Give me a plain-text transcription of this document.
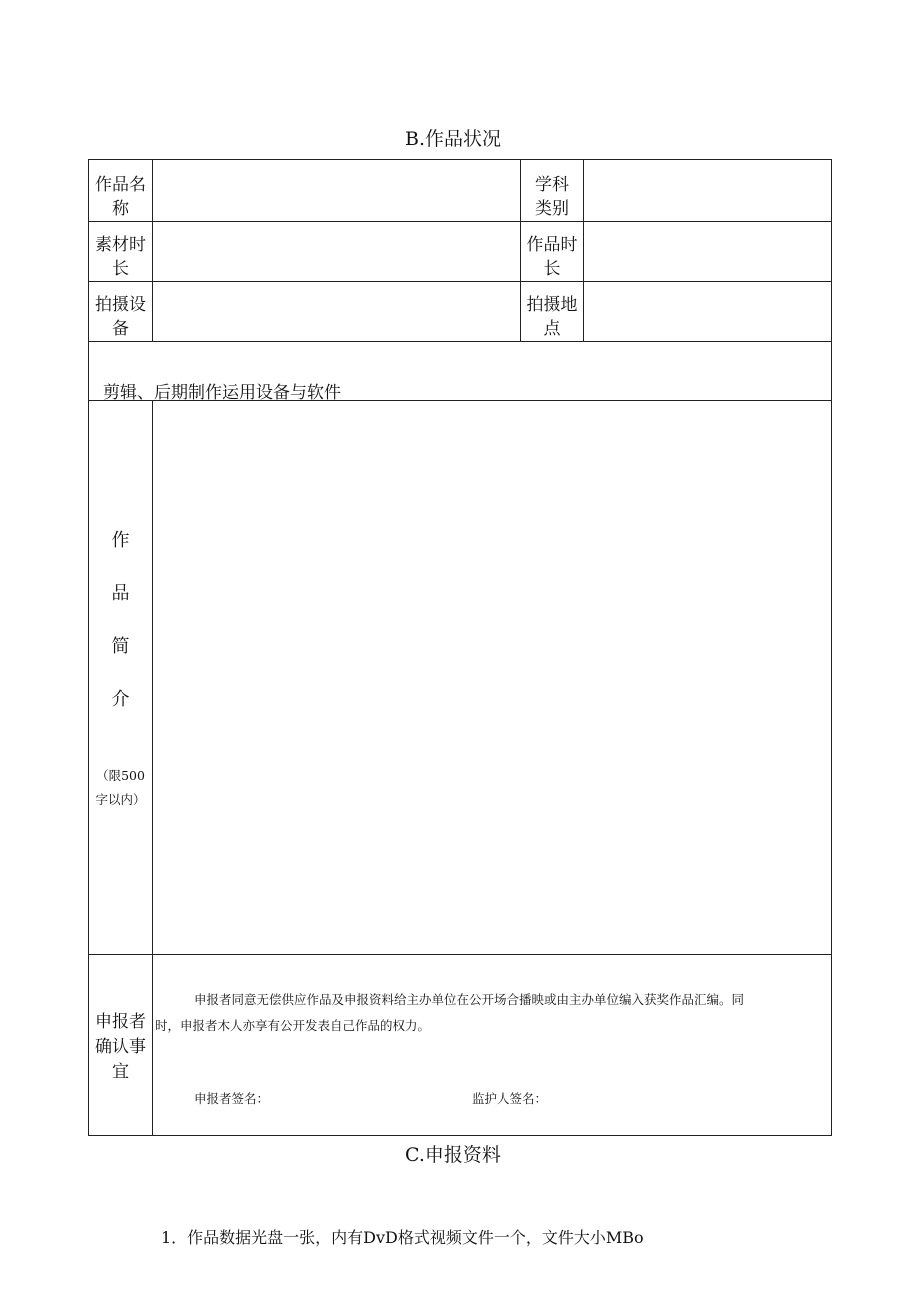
B.作品状况
作品名
称
学科
类别
素材时
长
作品时
长
拍摄设
备
拍摄地
点
剪辑、后期制作运用设备与软件
作
品
简
介
（限500
字以内）
申报者
确认事
宜
申报者同意无偿供应作品及申报资料给主办单位在公开场合播映或由主办单位编入获奖作品汇编。同
时，申报者木人亦享有公开发表自己作品的权力。
申报者签名：	监护人签名：
C.申报资料
1．作品数据光盘一张，内有DvD格式视频文件一个，文件大小MBo
